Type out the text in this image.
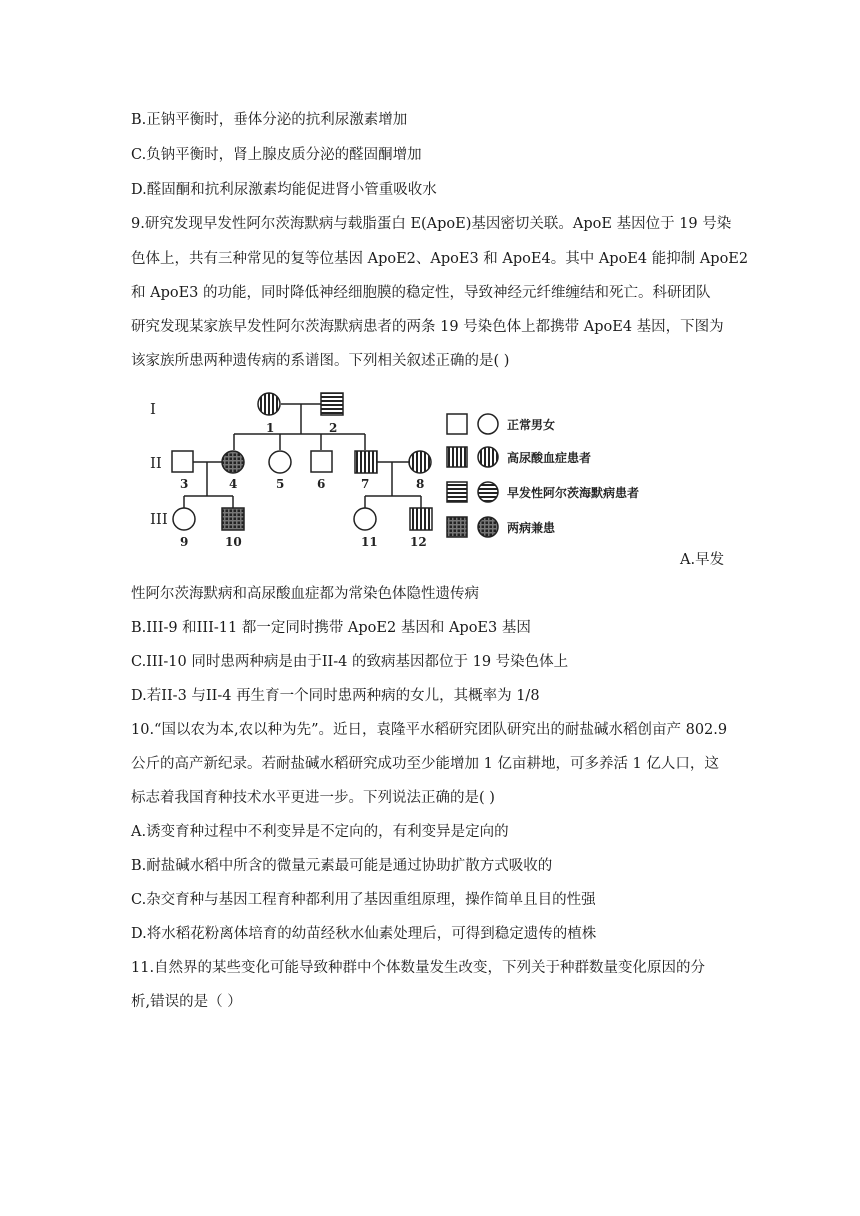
B.正钠平衡时，垂体分泌的抗利尿激素增加
C.负钠平衡时，肾上腺皮质分泌的醛固酮增加
D.醛固酮和抗利尿激素均能促进肾小管重吸收水
9.研究发现早发性阿尔茨海默病与载脂蛋白 E(ApoE)基因密切关联。ApoE 基因位于 19 号染
色体上，共有三种常见的复等位基因 ApoE2、ApoE3 和 ApoE4。其中 ApoE4 能抑制 ApoE2
和 ApoE3 的功能，同时降低神经细胞膜的稳定性，导致神经元纤维缠结和死亡。科研团队
研究发现某家族早发性阿尔茨海默病患者的两条 19 号染色体上都携带 ApoE4 基因，下图为
该家族所患两种遗传病的系谱图。下列相关叙述正确的是( )
I
II
III
1	2
3	4	5	6	7	8
9	10	11	12
正常男女
高尿酸血症患者
早发性阿尔茨海默病患者
两病兼患
A.早发
性阿尔茨海默病和高尿酸血症都为常染色体隐性遗传病
B.III-9 和III-11 都一定同时携带 ApoE2 基因和 ApoE3 基因
C.III-10 同时患两种病是由于II-4 的致病基因都位于 19 号染色体上
D.若II-3 与II-4 再生育一个同时患两种病的女儿，其概率为 1/8
10.“国以农为本,农以种为先”。近日，袁隆平水稻研究团队研究出的耐盐碱水稻创亩产 802.9
公斤的高产新纪录。若耐盐碱水稻研究成功至少能增加 1 亿亩耕地，可多养活 1 亿人口，这
标志着我国育种技术水平更进一步。下列说法正确的是( )
A.诱变育种过程中不利变异是不定向的，有利变异是定向的
B.耐盐碱水稻中所含的微量元素最可能是通过协助扩散方式吸收的
C.杂交育种与基因工程育种都利用了基因重组原理，操作简单且目的性强
D.将水稻花粉离体培育的幼苗经秋水仙素处理后，可得到稳定遗传的植株
11.自然界的某些变化可能导致种群中个体数量发生改变，下列关于种群数量变化原因的分
析,错误的是（ ）
